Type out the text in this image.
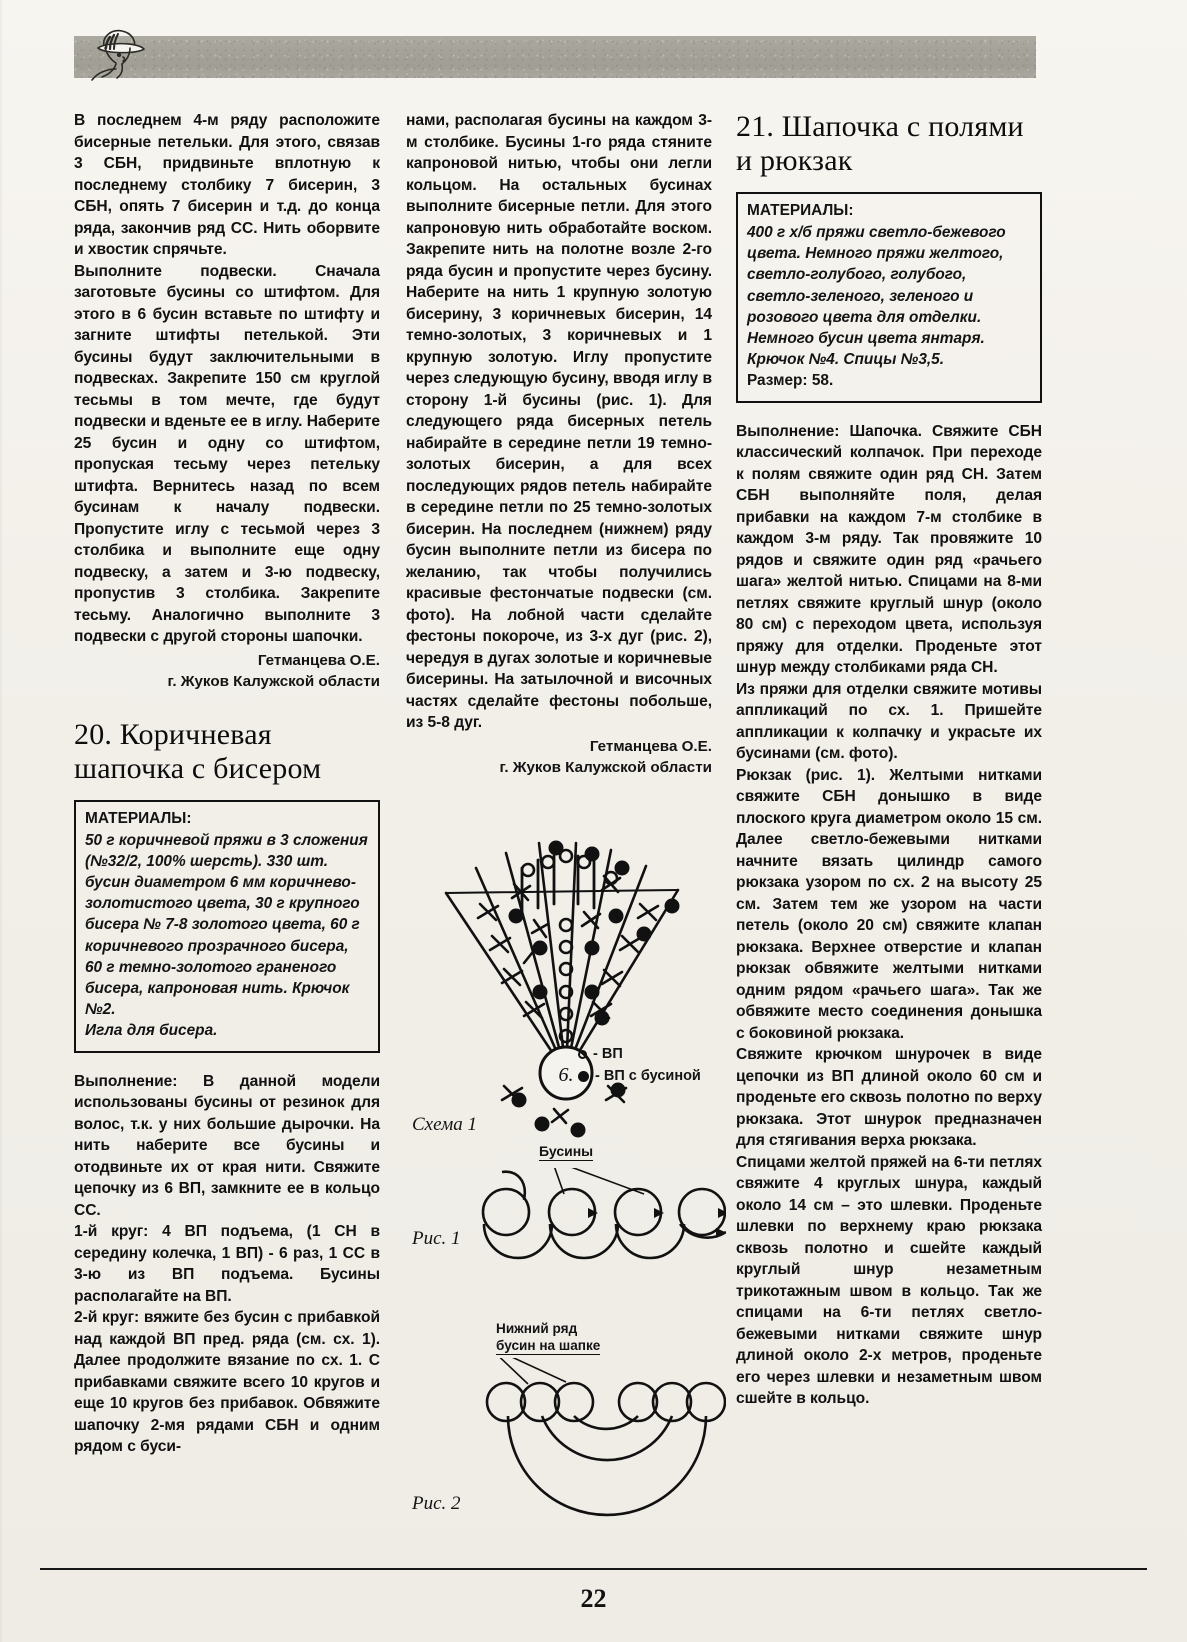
В последнем 4-м ряду расположите бисерные петельки. Для этого, связав 3 СБН, придвиньте вплотную к последнему столбику 7 бисерин, 3 СБН, опять 7 бисерин и т.д. до конца ряда, закончив ряд СС. Нить оборвите и хвостик спрячьте.

Выполните подвески. Сначала заготовьте бусины со штифтом. Для этого в 6 бусин вставьте по штифту и загните штифты петелькой. Эти бусины будут заключительными в подвесках. Закрепите 150 см круглой тесьмы в том мечте, где будут подвески и вденьте ее в иглу. Наберите 25 бусин и одну со штифтом, пропуская тесьму через петельку штифта. Вернитесь назад по всем бусинам к началу подвески. Пропустите иглу с тесьмой через 3 столбика и выполните еще одну подвеску, а затем и 3-ю подвеску, пропустив 3 столбика. Закрепите тесьму. Аналогично выполните 3 подвески с другой стороны шапочки.

Гетманцева О.Е.
г. Жуков Калужской области
20. Коричневая шапочка с бисером
МАТЕРИАЛЫ:
50 г коричневой пряжи в 3 сложения (№32/2, 100% шерсть). 330 шт. бусин диаметром 6 мм коричнево-золотистого цвета, 30 г крупного бисера № 7-8 золотого цвета, 60 г коричневого прозрачного бисера, 60 г темно-золотого граненого бисера, капроновая нить. Крючок №2.
Игла для бисера.

Выполнение: В данной модели использованы бусины от резинок для волос, т.к. у них большие дырочки. На нить наберите все бусины и отодвиньте их от края нити. Свяжите цепочку из 6 ВП, замкните ее в кольцо СС.

1-й круг: 4 ВП подъема, (1 СН в середину колечка, 1 ВП) - 6 раз, 1 СС в 3-ю из ВП подъема. Бусины располагайте на ВП.

2-й круг: вяжите без бусин с прибавкой над каждой ВП пред. ряда (см. сх. 1). Далее продолжите вязание по сх. 1. С прибавками свяжите всего 10 кругов и еще 10 кругов без прибавок. Обвяжите шапочку 2-мя рядами СБН и одним рядом с буси-

нами, располагая бусины на каждом 3-м столбике. Бусины 1-го ряда стяните капроновой нитью, чтобы они легли кольцом. На остальных бусинах выполните бисерные петли. Для этого капроновую нить обработайте воском. Закрепите нить на полотне возле 2-го ряда бусин и пропустите через бусину. Наберите на нить 1 крупную золотую бисерину, 3 коричневых бисерин, 14 темно-золотых, 3 коричневых и 1 крупную золотую. Иглу пропустите через следующую бусину, вводя иглу в сторону 1-й бусины (рис. 1). Для следующего ряда бисерных петель набирайте в середине петли 19 темно-золотых бисерин, а для всех последующих рядов петель набирайте в середине петли по 25 темно-золотых бисерин. На последнем (нижнем) ряду бусин выполните петли из бисера по желанию, так чтобы получились красивые фестончатые подвески (см. фото). На лобной части сделайте фестоны покороче, из 3-х дуг (рис. 2), чередуя в дугах золотые и коричневые бисерины. На затылочной и височных частях сделайте фестоны побольше, из 5-8 дуг.

Гетманцева О.Е.
г. Жуков Калужской области
21. Шапочка с полями и рюкзак
МАТЕРИАЛЫ:
400 г х/б пряжи светло-бежевого цвета. Немного пряжи желтого, светло-голубого, голубого, светло-зеленого, зеленого и розового цвета для отделки. Немного бусин цвета янтаря.
Крючок №4. Спицы №3,5.
Размер: 58.

Выполнение: Шапочка. Свяжите СБН классический колпачок. При переходе к полям свяжите один ряд СН. Затем СБН выполняйте поля, делая прибавки на каждом 7-м столбике в каждом 3-м ряду. Так провяжите 10 рядов и свяжите один ряд «рачьего шага» желтой нитью. Спицами на 8-ми петлях свяжите круглый шнур (около 80 см) с переходом цвета, используя пряжу для отделки. Проденьте этот шнур между столбиками ряда СН.

Из пряжи для отделки свяжите мотивы аппликаций по сх. 1. Пришейте аппликации к колпачку и украсьте их бусинами (см. фото).

Рюкзак (рис. 1). Желтыми нитками свяжите СБН донышко в виде плоского круга диаметром около 15 см. Далее светло-бежевыми нитками начните вязать цилиндр самого рюкзака узором по сх. 2 на высоту 25 см. Затем тем же узором на части петель (около 20 см) свяжите клапан рюкзака. Верхнее отверстие и клапан рюкзак обвяжите желтыми нитками одним рядом «рачьего шага». Так же обвяжите место соединения донышка с боковиной рюкзака.

Свяжите крючком шнурочек в виде цепочки из ВП длиной около 60 см и проденьте его сквозь полотно по верху рюкзака. Этот шнурок предназначен для стягивания верха рюкзака.

Спицами желтой пряжей на 6-ти петлях свяжите 4 круглых шнура, каждый около 14 см – это шлевки. Проденьте шлевки по верхнему краю рюкзака сквозь полотно и сшейте каждый круглый шнур незаметным трикотажным швом в кольцо. Так же спицами на 6-ти петлях светло-бежевыми нитками свяжите шнур длиной около 2-х метров, проденьте его через шлевки и незаметным швом сшейте в кольцо.

6.
Схема 1
- ВП
- ВП с бусиной
Бусины
Рис. 1
Нижний ряд
бусин на шапке
Рис. 2
22
